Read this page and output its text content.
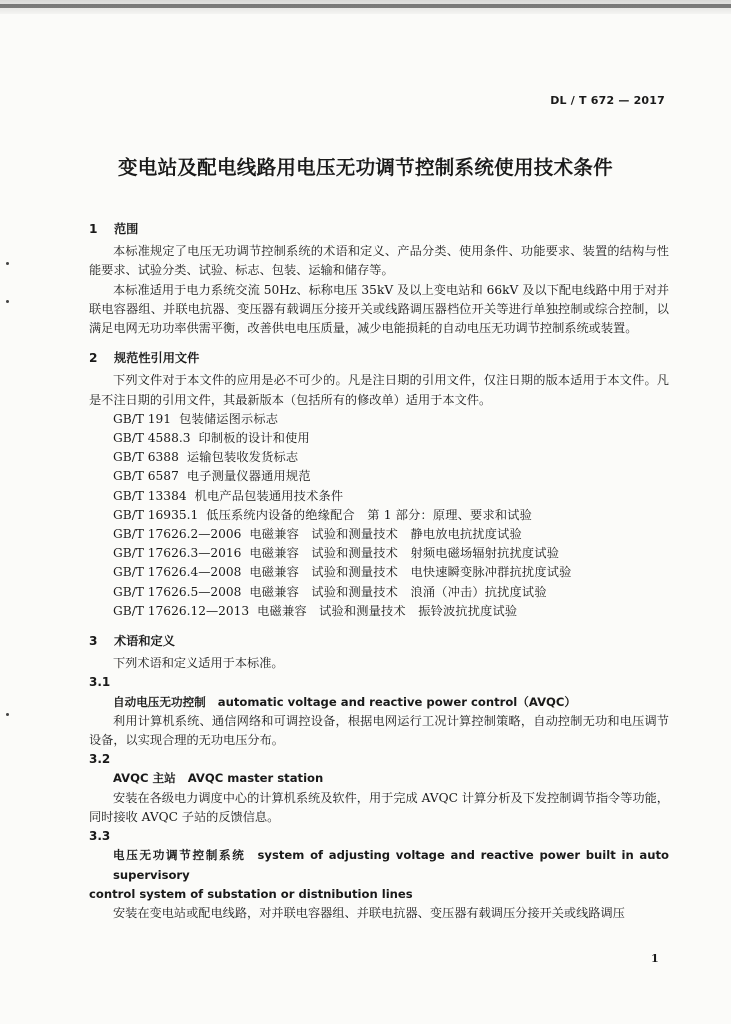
DL / T 672 — 2017
变电站及配电线路用电压无功调节控制系统使用技术条件
1 范围

本标准规定了电压无功调节控制系统的术语和定义、产品分类、使用条件、功能要求、装置的结构与性能要求、试验分类、试验、标志、包装、运输和储存等。

本标准适用于电力系统交流 50Hz、标称电压 35kV 及以上变电站和 66kV 及以下配电线路中用于对并联电容器组、并联电抗器、变压器有载调压分接开关或线路调压器档位开关等进行单独控制或综合控制，以满足电网无功功率供需平衡，改善供电电压质量，减少电能损耗的自动电压无功调节控制系统或装置。

2 规范性引用文件

下列文件对于本文件的应用是必不可少的。凡是注日期的引用文件，仅注日期的版本适用于本文件。凡是不注日期的引用文件，其最新版本（包括所有的修改单）适用于本文件。

GB/T 191 包装储运图示标志
GB/T 4588.3 印制板的设计和使用
GB/T 6388 运输包装收发货标志
GB/T 6587 电子测量仪器通用规范
GB/T 13384 机电产品包装通用技术条件
GB/T 16935.1 低压系统内设备的绝缘配合　第 1 部分：原理、要求和试验
GB/T 17626.2—2006 电磁兼容　试验和测量技术　静电放电抗扰度试验
GB/T 17626.3—2016 电磁兼容　试验和测量技术　射频电磁场辐射抗扰度试验
GB/T 17626.4—2008 电磁兼容　试验和测量技术　电快速瞬变脉冲群抗扰度试验
GB/T 17626.5—2008 电磁兼容　试验和测量技术　浪涌（冲击）抗扰度试验
GB/T 17626.12—2013 电磁兼容　试验和测量技术　振铃波抗扰度试验
3 术语和定义

下列术语和定义适用于本标准。

3.1

自动电压无功控制 automatic voltage and reactive power control（AVQC）

利用计算机系统、通信网络和可调控设备，根据电网运行工况计算控制策略，自动控制无功和电压调节设备，以实现合理的无功电压分布。

3.2

AVQC 主站 AVQC master station

安装在各级电力调度中心的计算机系统及软件，用于完成 AVQC 计算分析及下发控制调节指令等功能，同时接收 AVQC 子站的反馈信息。

3.3

电压无功调节控制系统 system of adjusting voltage and reactive power built in auto supervisory

control system of substation or distnibution lines

安装在变电站或配电线路，对并联电容器组、并联电抗器、变压器有载调压分接开关或线路调压

1
